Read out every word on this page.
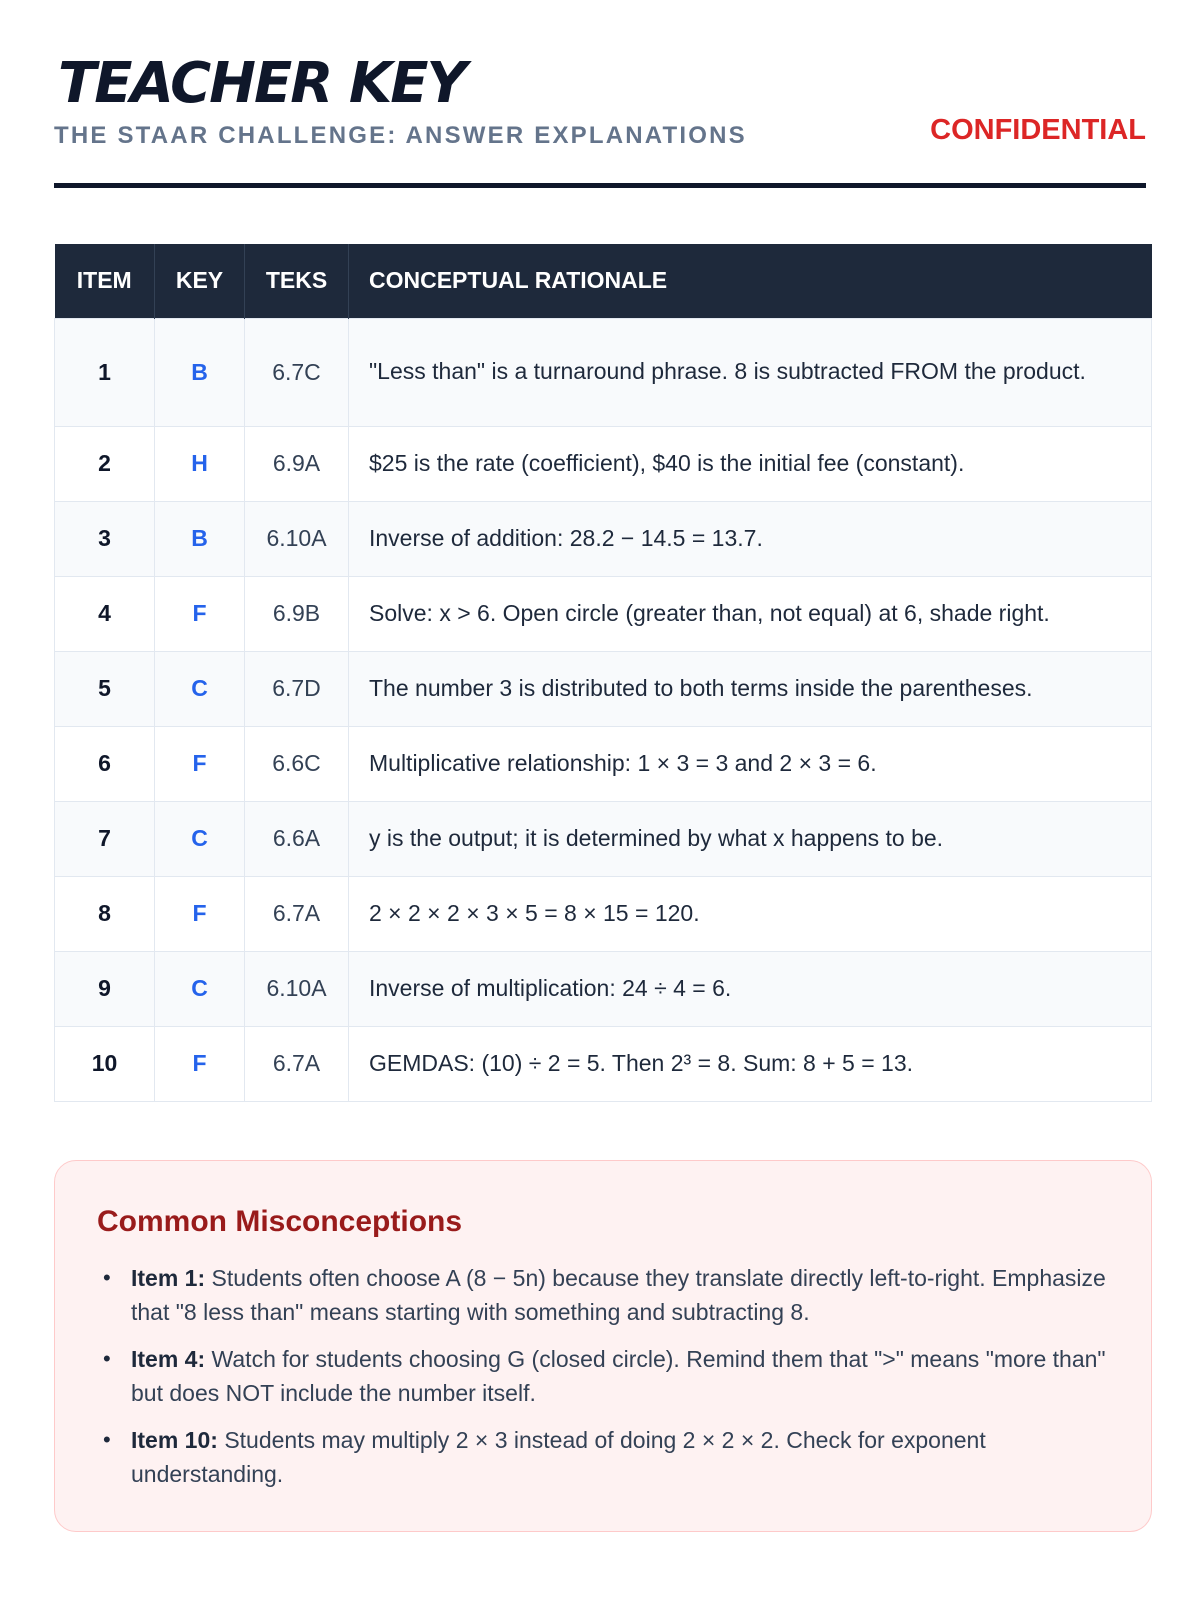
TEACHER KEY
THE STAAR CHALLENGE: ANSWER EXPLANATIONS	CONFIDENTIAL
ITEM	KEY	TEKS	CONCEPTUAL RATIONALE
1	B	6.7C	"Less than" is a turnaround phrase. 8 is subtracted FROM the product.
2	H	6.9A	$25 is the rate (coefficient), $40 is the initial fee (constant).
3	B	6.10A	Inverse of addition: 28.2 − 14.5 = 13.7.
4	F	6.9B	Solve: x > 6. Open circle (greater than, not equal) at 6, shade right.
5	C	6.7D	The number 3 is distributed to both terms inside the parentheses.
6	F	6.6C	Multiplicative relationship: 1 × 3 = 3 and 2 × 3 = 6.
7	C	6.6A	y is the output; it is determined by what x happens to be.
8	F	6.7A	2 × 2 × 2 × 3 × 5 = 8 × 15 = 120.
9	C	6.10A	Inverse of multiplication: 24 ÷ 4 = 6.
10	F	6.7A	GEMDAS: (10) ÷ 2 = 5. Then 2³ = 8. Sum: 8 + 5 = 13.
Common Misconceptions
• Item 1: Students often choose A (8 − 5n) because they translate directly left-to-right. Emphasize that "8 less than" means starting with something and subtracting 8.
• Item 4: Watch for students choosing G (closed circle). Remind them that ">" means "more than" but does NOT include the number itself.
• Item 10: Students may multiply 2 × 3 instead of doing 2 × 2 × 2. Check for exponent understanding.
